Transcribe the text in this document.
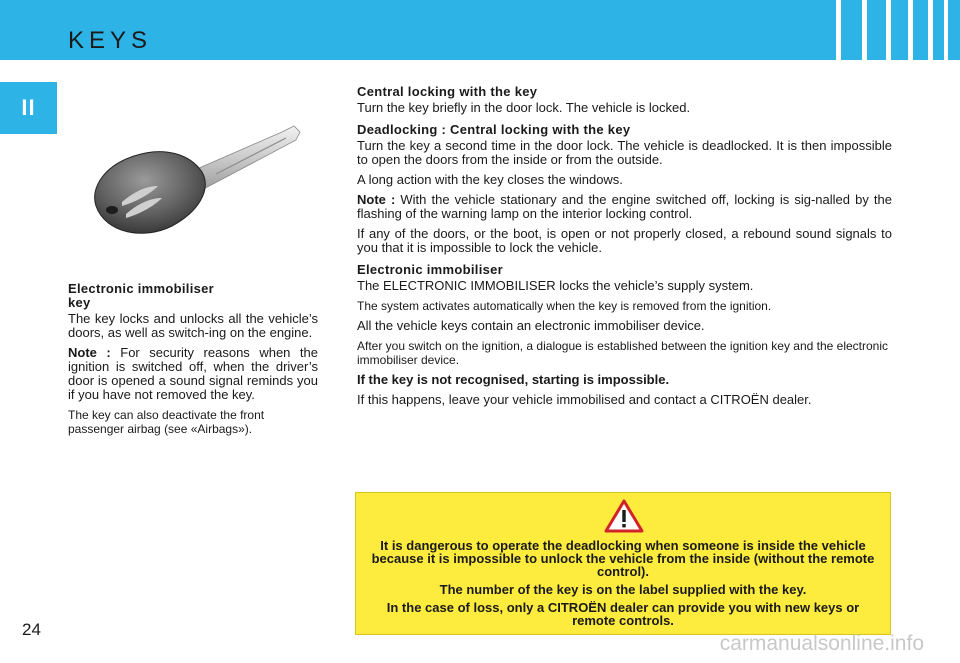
KEYS
II
Electronic immobiliser
key

The key locks and unlocks all the vehicle’s doors, as well as switch-ing on the engine.

Note : For security reasons when the ignition is switched off, when the driver’s door is opened a sound signal reminds you if you have not removed the key.

The key can also deactivate the front passenger airbag (see «Airbags»).

Central locking with the key

Turn the key briefly in the door lock. The vehicle is locked.

Deadlocking : Central locking with the key

Turn the key a second time in the door lock. The vehicle is deadlocked. It is then impossible to open the doors from the inside or from the outside.

A long action with the key closes the windows.

Note : With the vehicle stationary and the engine switched off, locking is sig-nalled by the flashing of the warning lamp on the interior locking control.

If any of the doors, or the boot, is open or not properly closed, a rebound sound signals to you that it is impossible to lock the vehicle.

Electronic immobiliser

The ELECTRONIC IMMOBILISER locks the vehicle’s supply system.

The system activates automatically when the key is removed from the ignition.

All the vehicle keys contain an electronic immobiliser device.

After you switch on the ignition, a dialogue is established between the ignition key and the electronic immobiliser device.

If the key is not recognised, starting is impossible.

If this happens, leave your vehicle immobilised and contact a CITROËN dealer.

It is dangerous to operate the deadlocking when someone is inside the vehicle because it is impossible to unlock the vehicle from the inside (without the remote control).

The number of the key is on the label supplied with the key.

In the case of loss, only a CITROËN dealer can provide you with new keys or remote controls.

24
carmanualsonline.info
